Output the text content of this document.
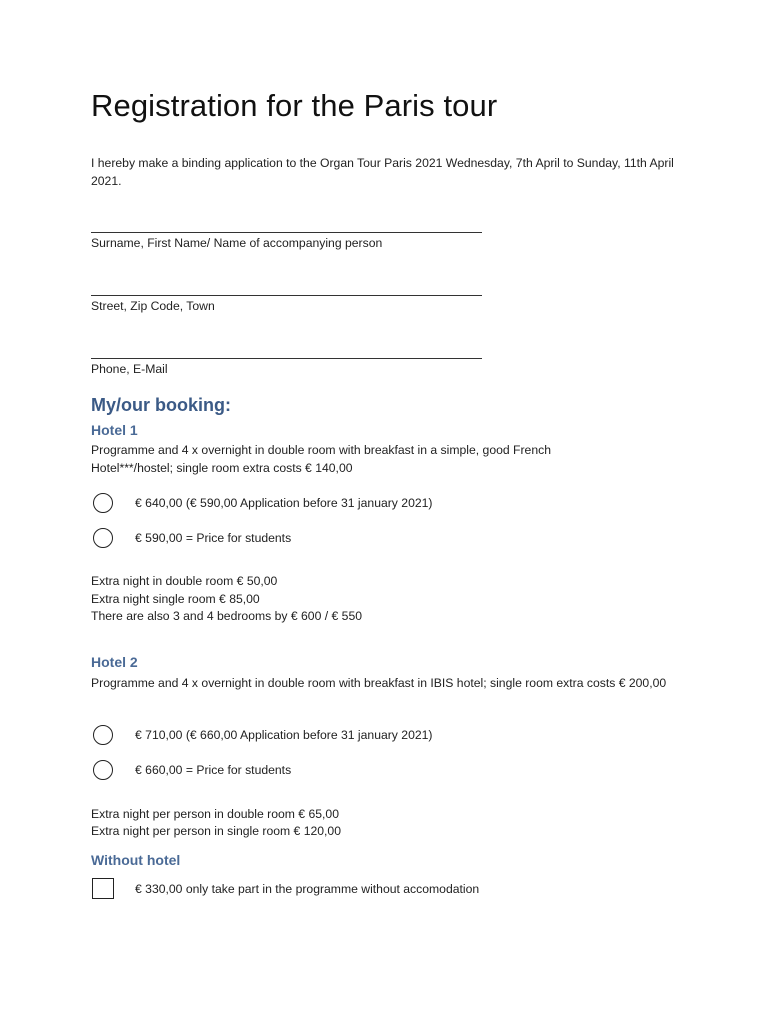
Registration for the Paris tour

I hereby make a binding application to the Organ Tour Paris 2021 Wednesday, 7th April to Sunday, 11th April 2021.

Surname, First Name/ Name of accompanying person

Street, Zip Code, Town

Phone, E-Mail

My/our booking:
Hotel 1

Programme and 4 x overnight in double room with breakfast in a simple, good French Hotel***/hostel; single room extra costs € 140,00

€ 640,00 (€ 590,00 Application before 31 january 2021)
€ 590,00 = Price for students

Extra night in double room € 50,00

Extra night single room € 85,00

There are also 3 and 4 bedrooms by € 600 / € 550

Hotel 2

Programme and 4 x overnight in double room with breakfast in IBIS hotel; single room extra costs € 200,00

€ 710,00 (€ 660,00 Application before 31 january 2021)
€ 660,00 = Price for students

Extra night per person in double room € 65,00

Extra night per person in single room € 120,00

Without hotel
€ 330,00 only take part in the programme without accomodation
